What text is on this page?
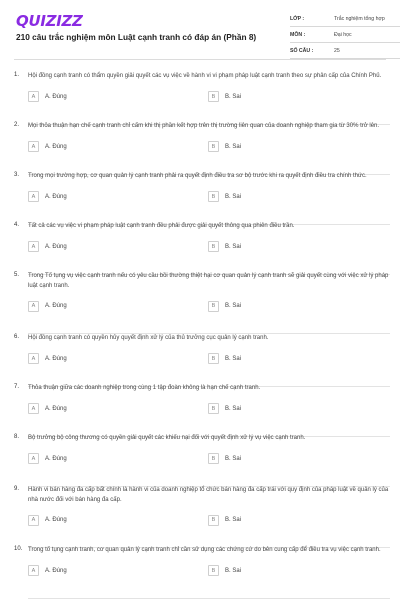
QUIZIZZ
210 câu trắc nghiệm môn Luật cạnh tranh có đáp án (Phần 8)
LỚP :	Trắc nghiệm tổng hợp
MÔN :	Đại học
SỐ CÂU :	25
1. Hội đồng cạnh tranh có thẩm quyền giải quyết các vụ việc về hành vi vi phạm pháp luật cạnh tranh theo sự phân cấp của Chính Phủ.
A	A. Đúng	B	B. Sai
2. Mọi thỏa thuận hạn chế cạnh tranh chỉ cấm khi thị phần kết hợp trên thị trường liên quan của doanh nghiệp tham gia từ 30% trở lên.
A	A. Đúng	B	B. Sai
3. Trong mọi trường hợp, cơ quan quản lý cạnh tranh phải ra quyết định điều tra sơ bộ trước khi ra quyết định điều tra chính thức.
A	A. Đúng	B	B. Sai
4. Tất cả các vụ việc vi phạm pháp luật cạnh tranh đều phải được giải quyết thông qua phiên điều trần.
A	A. Đúng	B	B. Sai
5. Trong Tố tụng vụ việc cạnh tranh nếu có yêu cầu bồi thường thiệt hại cơ quan quản lý cạnh tranh sẽ giải quyết cùng với việc xử lý pháp luật cạnh tranh.
A	A. Đúng	B	B. Sai
6. Hội đồng cạnh tranh có quyền hủy quyết định xử lý của thủ trưởng cục quản lý cạnh tranh.
A	A. Đúng	B	B. Sai
7. Thỏa thuận giữa các doanh nghiệp trong cùng 1 tập đoàn không là hạn chế cạnh tranh.
A	A. Đúng	B	B. Sai
8. Bộ trưởng bộ công thương có quyền giải quyết các khiếu nại đối với quyết định xử lý vụ việc cạnh tranh.
A	A. Đúng	B	B. Sai
9. Hành vi bán hàng đa cấp bất chính là hành vi của doanh nghiệp tổ chức bán hàng đa cấp trái với quy định của pháp luật về quản lý của nhà nước đối với bán hàng đa cấp.
A	A. Đúng	B	B. Sai
10. Trong tố tụng cạnh tranh, cơ quan quản lý cạnh tranh chỉ cần sử dụng các chứng cứ do bên cung cấp để điều tra vụ việc cạnh tranh.
A	A. Đúng	B	B. Sai
